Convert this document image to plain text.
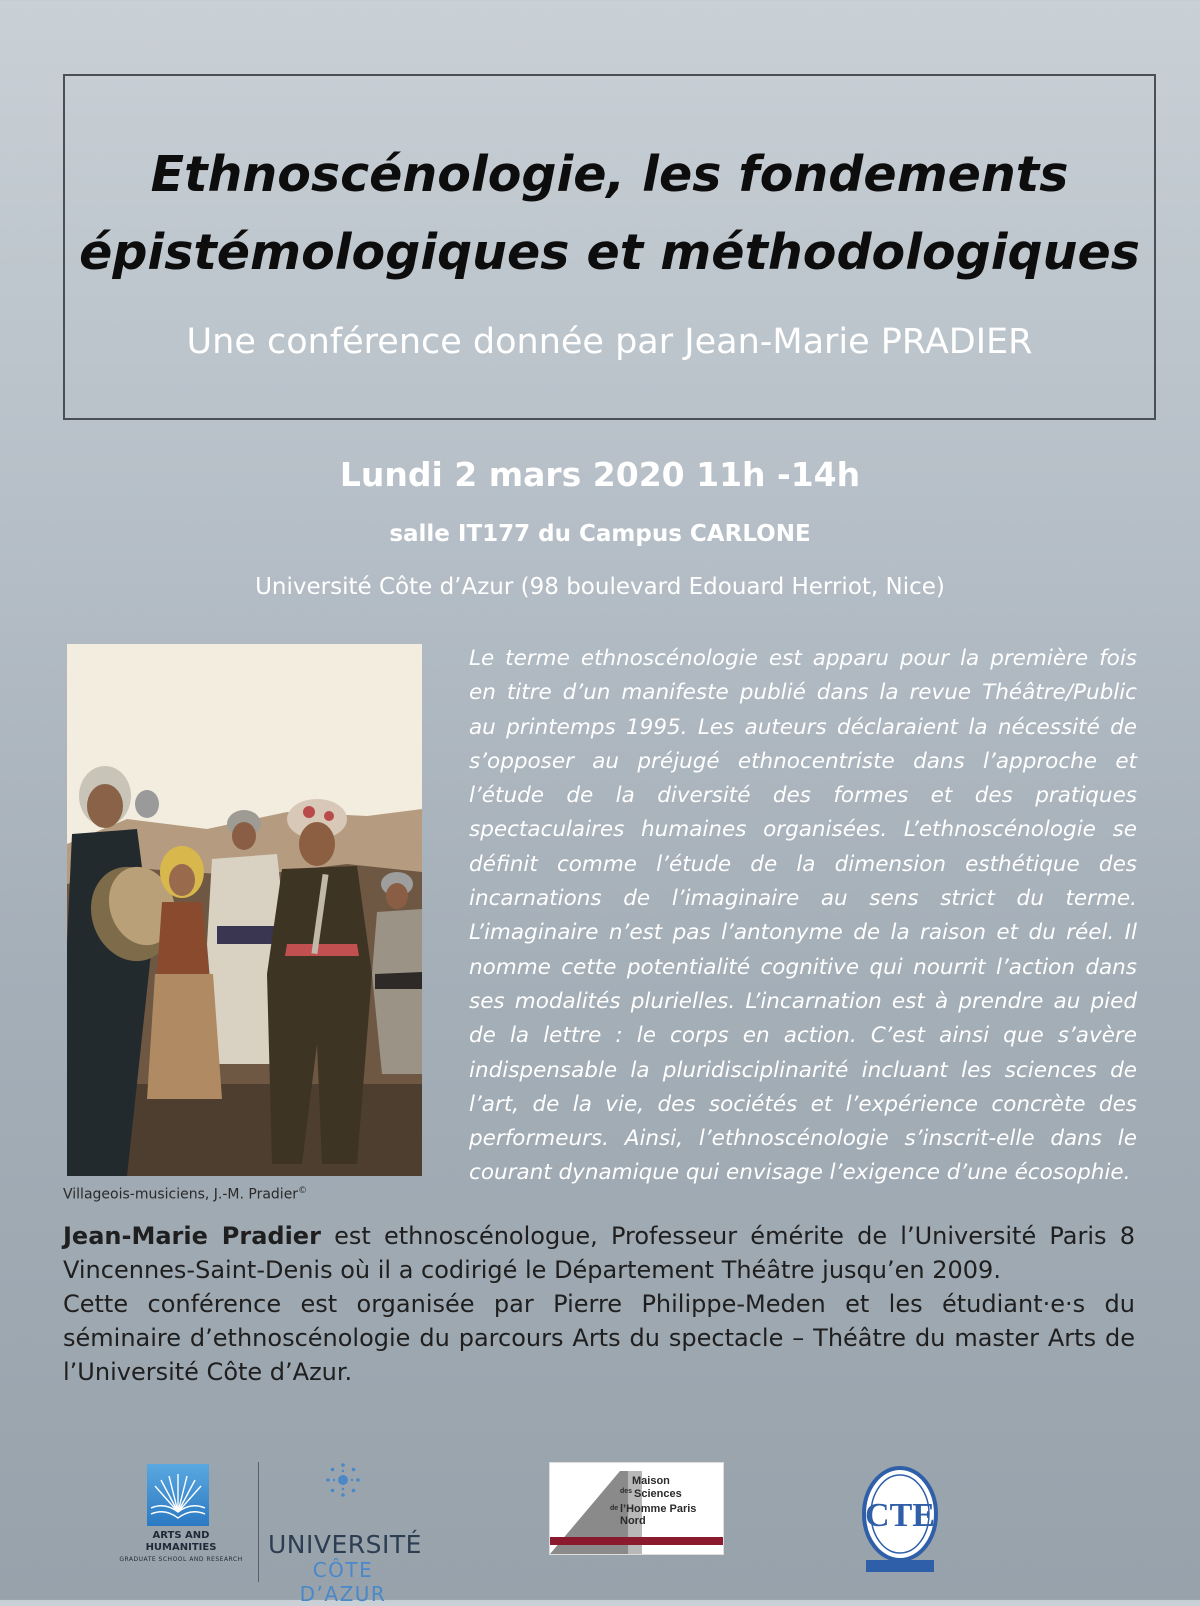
Ethnoscénologie, les fondements
épistémologiques et méthodologiques
Une conférence donnée par Jean-Marie PRADIER
Lundi 2 mars 2020 11h -14h
salle IT177 du Campus CARLONE
Université Côte d’Azur (98 boulevard Edouard Herriot, Nice)
Villageois-musiciens, J.-M. Pradier©
Le terme ethnoscénologie est apparu pour la première fois en titre d’un manifeste publié dans la revue Théâtre/Public au printemps 1995. Les auteurs déclaraient la nécessité de s’opposer au préjugé ethnocentriste dans l’approche et l’étude de la diversité des formes et des pratiques spectaculaires humaines organisées. L’ethnoscénologie se définit comme l’étude de la dimension esthétique des incarnations de l’imaginaire au sens strict du terme. L’imaginaire n’est pas l’antonyme de la raison et du réel. Il nomme cette potentialité cognitive qui nourrit l’action dans ses modalités plurielles. L’incarnation est à prendre au pied de la lettre : le corps en action. C’est ainsi que s’avère indispensable la pluridisciplinarité incluant les sciences de l’art, de la vie, des sociétés et l’expérience concrète des performeurs. Ainsi, l’ethnoscénologie s’inscrit-elle dans le courant dynamique qui envisage l’exigence d’une écosophie.
Jean-Marie Pradier est ethnoscénologue, Professeur émérite de l’Université Paris 8 Vincennes-Saint-Denis où il a codirigé le Département Théâtre jusqu’en 2009.
Cette conférence est organisée par Pierre Philippe-Meden et les étudiant·e·s du séminaire d’ethnoscénologie du parcours Arts du spectacle – Théâtre du master Arts de l’Université Côte d’Azur.
ARTS AND
HUMANITIES
GRADUATE SCHOOL AND RESEARCH
UNIVERSITÉ
CÔTE D’AZUR
Maison
des Sciences
de l’Homme Paris Nord	CTE
